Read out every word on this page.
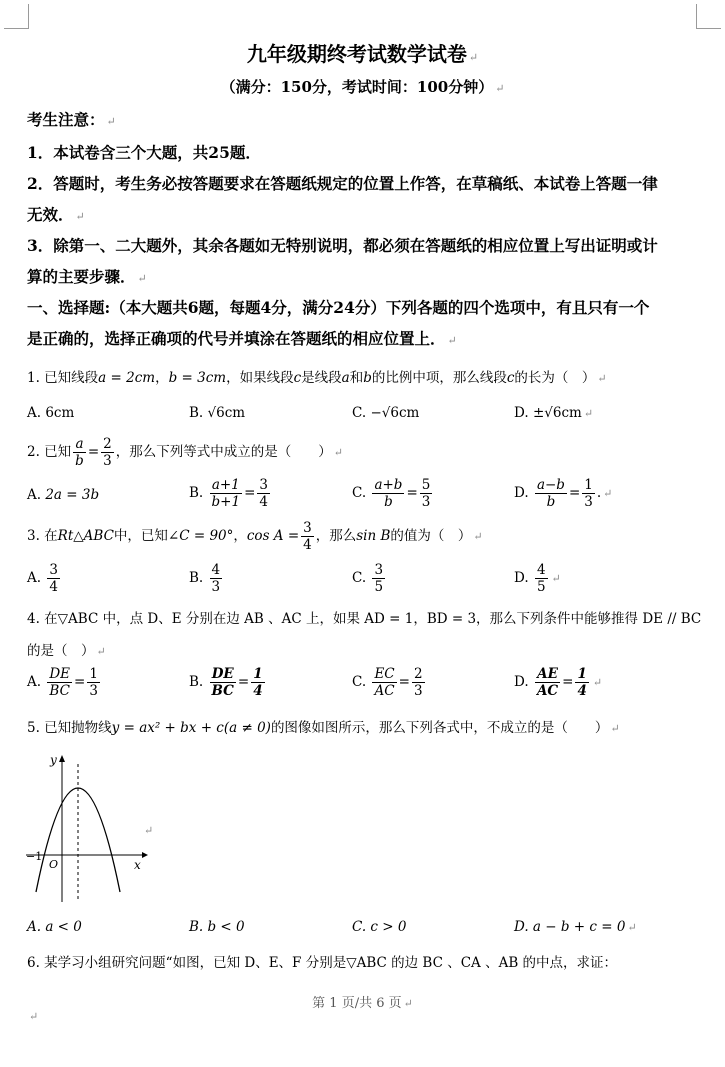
九年级期终考试数学试卷 ↵
（满分：150分，考试时间：100分钟） ↵
考生注意： ↵
1．本试卷含三个大题，共25题．
2．答题时，考生务必按答题要求在答题纸规定的位置上作答，在草稿纸、本试卷上答题一律
无效． ↵
3．除第一、二大题外，其余各题如无特别说明，都必须在答题纸的相应位置上写出证明或计
算的主要步骤． ↵
一、选择题:（本大题共6题，每题4分，满分24分）下列各题的四个选项中，有且只有一个
是正确的，选择正确项的代号并填涂在答题纸的相应位置上． ↵
1. 已知线段a = 2cm，b = 3cm，如果线段c是线段a和b的比例中项，那么线段c的长为（　） ↵
A. 6cm	B. √6cm	C. −√6cm	D. ±√6cm ↵
2. 已知 $\frac{a}{b} = \frac{2}{3}$ ，那么下列等式中成立的是（　　） ↵
A. 2a = 3b	B. $\frac{a+1}{b+1} = \frac{3}{4}$	C. $\frac{a+b}{b} = \frac{5}{3}$	D. $\frac{a-b}{b} = \frac{1}{3}$ . ↵
3. 在Rt△ABC中，已知∠C = 90°，$\cos A = \frac{3}{4}$ ，那么sin B的值为（　） ↵
A. $\frac{3}{4}$	B. $\frac{4}{3}$	C. $\frac{3}{5}$	D. $\frac{4}{5}$ ↵
4. 在▽ABC 中，点 D、E 分别在边 AB 、AC 上，如果 AD = 1，BD = 3，那么下列条件中能够推得 DE // BC
的是（　） ↵
A. $\frac{DE}{BC} = \frac{1}{3}$	B. $\frac{DE}{BC} = \frac{1}{4}$	C. $\frac{EC}{AC} = \frac{2}{3}$	D. $\frac{AE}{AC} = \frac{1}{4}$ ↵
5. 已知抛物线y = ax² + bx + c(a ≠ 0)的图像如图所示，那么下列各式中，不成立的是（　　） ↵
y
x
−1
O
↵
A. a < 0	B. b < 0	C. c > 0	D. a − b + c = 0 ↵
6. 某学习小组研究问题“如图，已知 D、E、F 分别是▽ABC 的边 BC 、CA 、AB 的中点，求证：
第 1 页/共 6 页 ↵
↵
